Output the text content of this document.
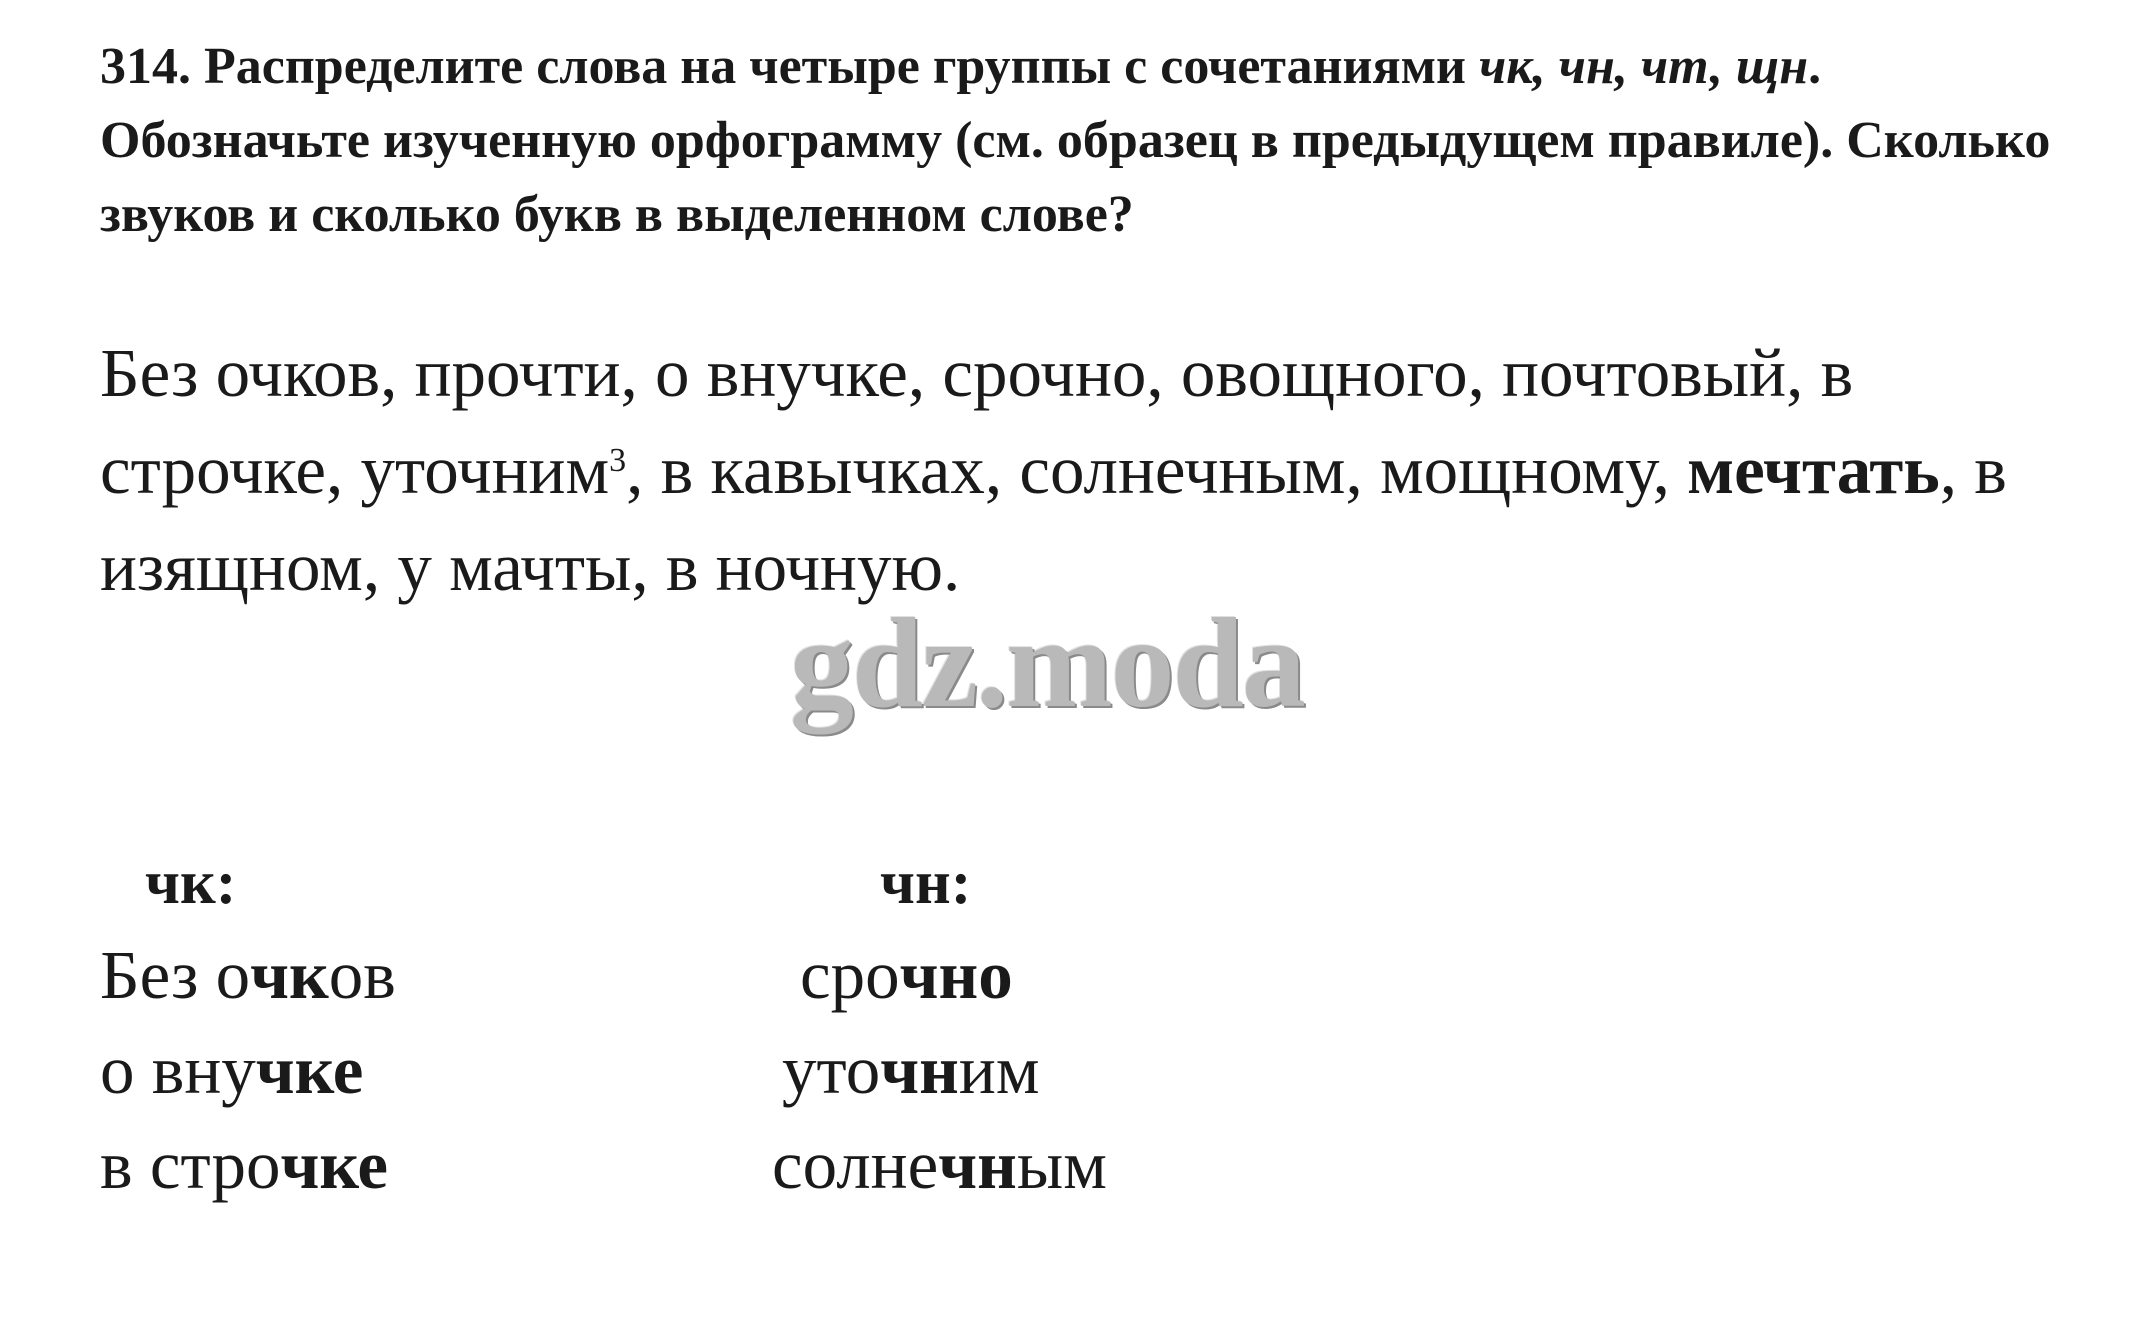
314. Распределите слова на четыре группы с сочетаниями чк, чн, чт, щн. Обозначьте изученную орфограмму (см. образец в предыдущем правиле). Сколько звуков и сколько букв в выделенном слове?
Без очков, прочти, о внучке, срочно, овощного, почтовый, в строчке, уточним$^3$, в кавычках, солнечным, мощному, мечтать, в изящном, у мачты, в ночную.
gdz.moda
чк:	чн:
Без очков
о внучке
в строчке
срочно
уточним
солнечным
